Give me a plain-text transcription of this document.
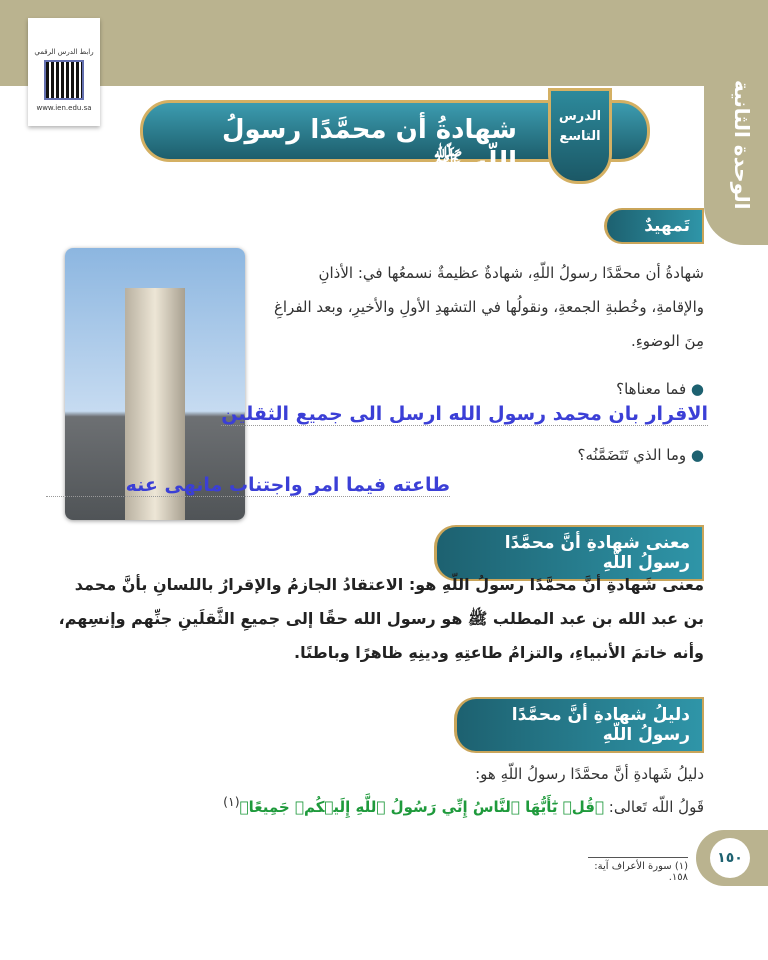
الوحدة الثانية
رابط الدرس الرقمي
www.ien.edu.sa
شهادةُ أن محمَّدًا رسولُ اللّهِ ﷺ
الدرس
التاسع
تَمهيدٌ
شهادةُ أن محمَّدًا رسولُ اللّهِ، شهادةٌ عظيمةٌ نسمعُها في: الأذانِ والإقامةِ، وخُطبةِ الجمعةِ، ونقولُها في التشهدِ الأولِ والأخيرِ، وبعد الفراغِ مِنَ الوضوءِ.
● فما معناها؟
الاقرار بان محمد رسول الله ارسل الى جميع الثقلين
● وما الذي تَتَضَمَّنُه؟
طاعته فيما امر واجتناب مانهى عنه
معنى شهادةِ أنَّ محمَّدًا رسولُ اللّهِ
معنى شَهادةِ أنَّ محمَّدًا رسولُ اللّهِ هو: الاعتقادُ الجازمُ والإقرارُ باللسانِ بأنَّ محمد بن عبد الله بن عبد المطلب ﷺ هو رسول الله حقًا إلى جميعِ الثَّقلَينِ جنِّهم وإنسِهم، وأنه خاتمَ الأنبياءِ، والتزامُ طاعتِهِ ودينِهِ ظاهرًا وباطنًا.
دليلُ شهادةِ أنَّ محمَّدًا رسولُ اللّهِ
دليلُ شَهادةِ أنَّ محمَّدًا رسولُ اللّهِ هو:
قَولُ اللّه تَعالى: ﴿قُلۡ يَٰٓأَيُّهَا ٱلنَّاسُ إِنِّي رَسُولُ ٱللَّهِ إِلَيۡكُمۡ جَمِيعًا﴾$^{(١)}$
١٥٠
(١) سورة الأعراف آية: ١٥٨.
